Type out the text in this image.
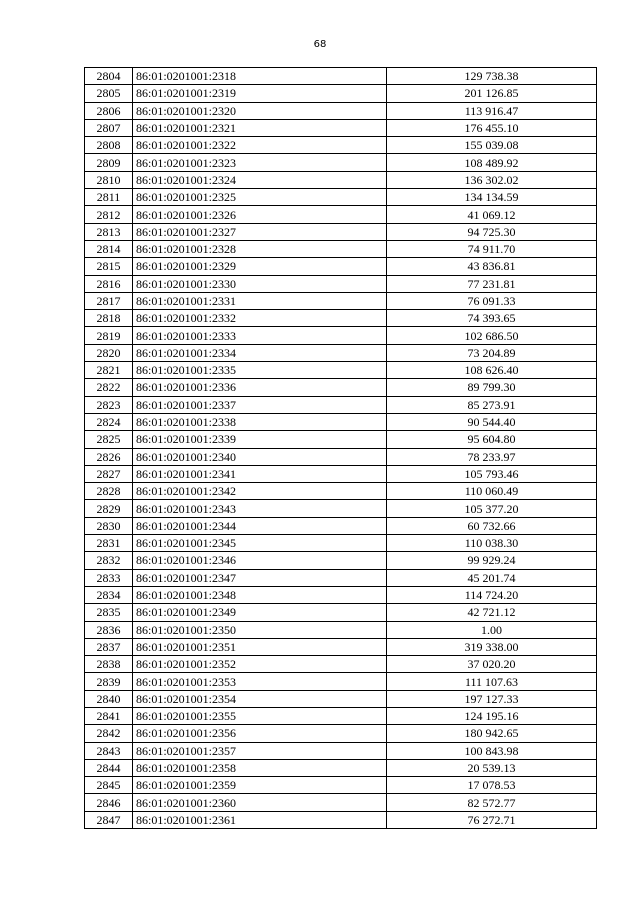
68
2804	86:01:0201001:2318	129 738.38
2805	86:01:0201001:2319	201 126.85
2806	86:01:0201001:2320	113 916.47
2807	86:01:0201001:2321	176 455.10
2808	86:01:0201001:2322	155 039.08
2809	86:01:0201001:2323	108 489.92
2810	86:01:0201001:2324	136 302.02
2811	86:01:0201001:2325	134 134.59
2812	86:01:0201001:2326	41 069.12
2813	86:01:0201001:2327	94 725.30
2814	86:01:0201001:2328	74 911.70
2815	86:01:0201001:2329	43 836.81
2816	86:01:0201001:2330	77 231.81
2817	86:01:0201001:2331	76 091.33
2818	86:01:0201001:2332	74 393.65
2819	86:01:0201001:2333	102 686.50
2820	86:01:0201001:2334	73 204.89
2821	86:01:0201001:2335	108 626.40
2822	86:01:0201001:2336	89 799.30
2823	86:01:0201001:2337	85 273.91
2824	86:01:0201001:2338	90 544.40
2825	86:01:0201001:2339	95 604.80
2826	86:01:0201001:2340	78 233.97
2827	86:01:0201001:2341	105 793.46
2828	86:01:0201001:2342	110 060.49
2829	86:01:0201001:2343	105 377.20
2830	86:01:0201001:2344	60 732.66
2831	86:01:0201001:2345	110 038.30
2832	86:01:0201001:2346	99 929.24
2833	86:01:0201001:2347	45 201.74
2834	86:01:0201001:2348	114 724.20
2835	86:01:0201001:2349	42 721.12
2836	86:01:0201001:2350	1.00
2837	86:01:0201001:2351	319 338.00
2838	86:01:0201001:2352	37 020.20
2839	86:01:0201001:2353	111 107.63
2840	86:01:0201001:2354	197 127.33
2841	86:01:0201001:2355	124 195.16
2842	86:01:0201001:2356	180 942.65
2843	86:01:0201001:2357	100 843.98
2844	86:01:0201001:2358	20 539.13
2845	86:01:0201001:2359	17 078.53
2846	86:01:0201001:2360	82 572.77
2847	86:01:0201001:2361	76 272.71
